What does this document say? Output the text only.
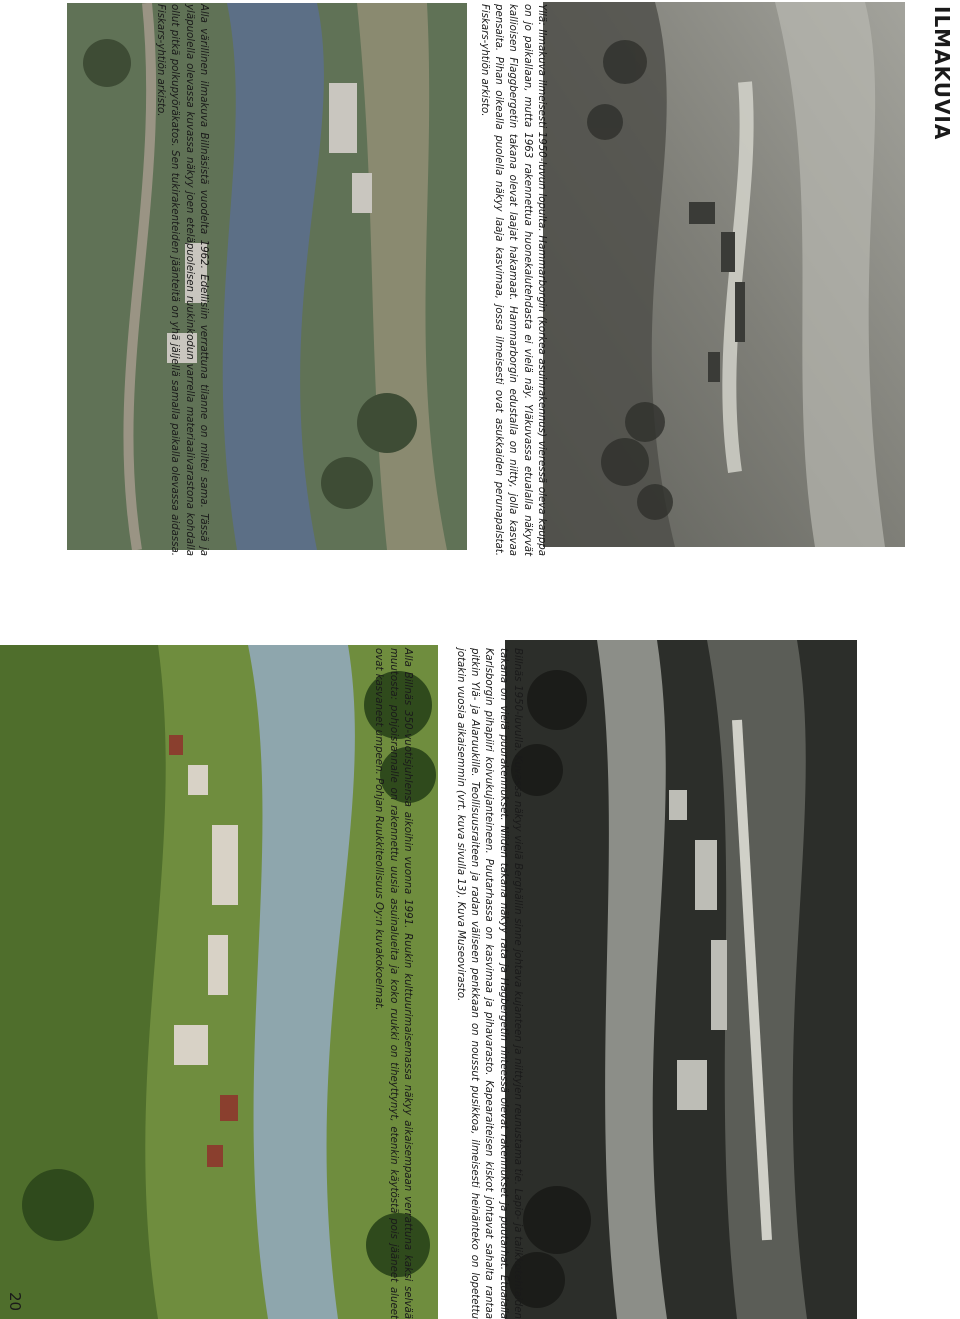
ILMAKUVIA

Yllä: Ilmakuva ilmeisesti 1950-luvun lopulta. Hammarborgin (korkea asuinrakennus) vieressä oleva kauppa on jo paikallaan, mutta 1963 rakennettua huonekalutehdasta ei vielä näy. Yläkuvassa etualalla näkyvät kallioisen Flaggbergetin takana olevat laajat hakamaat. Hammarborgin edustalla on niitty, jolla kasvaa pensaita. Pihan oikealla puolella näkyy laaja kasvimaa, jossa ilmeisesti ovat asukkaiden perunapalstat. Fiskars-yhtiön arkisto.

Billnäs 1950-luvulla. Kuvassa näkyy vielä Berghällin sinne johtava kujanteen ja niittyjen reunustama tie. Lapio- ja talikkotehtaiden takana on vielä puurakennukset. Niiden takana näkyy rata ja Hagbergetin rinteessä olevat rakennukset ja puutarhat. Etualalla Karlsborgin pihapiiri koivukujanteineen. Puutarhassa on kasvimaa ja pihavarasto. Kapearaiteisen kiskot johtavat sahalta rantaa pitkin Ylä- ja Alaruukille. Teollisuusraiteen ja radan väliseen penkkaan on noussut pusikkoa, ilmeisesti heinänteko on lopetettu jotakin vuosia aikaisemmin (vrt. kuva sivulla 13). Kuva Museovirasto.

Alla värillinen ilmakuva Billnäsistä vuodelta 1962. Edellisiin verrattuna tilanne on miltei sama. Tässä ja yläpuolella olevassa kuvassa näkyy joen eteläpuoleisen ruukinkodun varrella materiaalivarastona kohdalla ollut pitkä polkupyöräkatos. Sen tukirakenteiden jäänteitä on yhä jäljellä samalla paikalla olevassa aidassa. Fiskars-yhtiön arkisto.

Alla Billnäs 350-vuotisjuhlensa aikoihin vuonna 1991. Ruukin kulttuurimaisemassa näkyy aikaisempaan verrattuna kaksi selvää muutosta: pohjoisrannalle on rakennettu uusia asuinalueita ja koko ruukki on tiheyttynyt, etenkin käytöstä pois jääneet alueet ovat kasvaneet umpeen. Pohjan Ruukkiteollisuus Oy:n kuvakokoelmat.

20
